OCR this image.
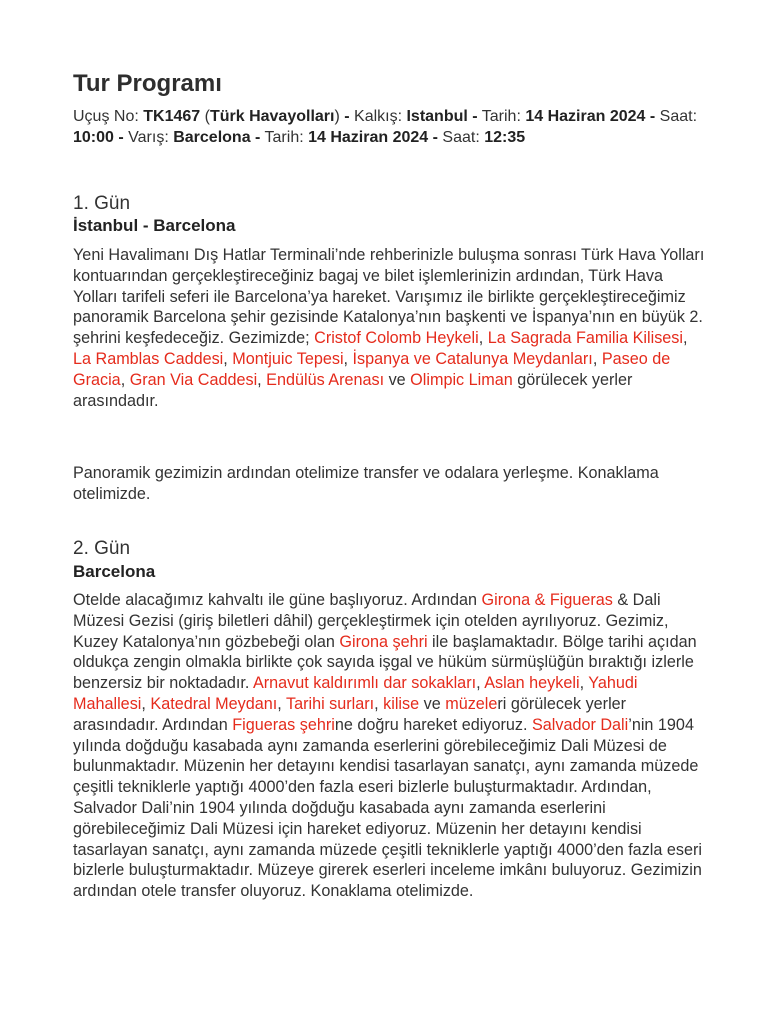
Tur Programı
Uçuş No: TK1467 (Türk Havayolları) - Kalkış: Istanbul - Tarih: 14 Haziran 2024 - Saat: 10:00 - Varış: Barcelona - Tarih: 14 Haziran 2024 - Saat: 12:35
1. Gün
İstanbul - Barcelona

Yeni Havalimanı Dış Hatlar Terminali’nde rehberinizle buluşma sonrası Türk Hava Yolları kontuarından gerçekleştireceğiniz bagaj ve bilet işlemlerinizin ardından, Türk Hava Yolları tarifeli seferi ile Barcelona’ya hareket. Varışımız ile birlikte gerçekleştireceğimiz panoramik Barcelona şehir gezisinde Katalonya’nın başkenti ve İspanya’nın en büyük 2. şehrini keşfedeceğiz. Gezimizde; Cristof Colomb Heykeli, La Sagrada Familia Kilisesi, La Ramblas Caddesi, Montjuic Tepesi, İspanya ve Catalunya Meydanları, Paseo de Gracia, Gran Via Caddesi, Endülüs Arenası ve Olimpic Liman görülecek yerler arasındadır.

Panoramik gezimizin ardından otelimize transfer ve odalara yerleşme. Konaklama otelimizde.

2. Gün
Barcelona

Otelde alacağımız kahvaltı ile güne başlıyoruz. Ardından Girona & Figueras & Dali Müzesi Gezisi (giriş biletleri dâhil) gerçekleştirmek için otelden ayrılıyoruz. Gezimiz, Kuzey Katalonya’nın gözbebeği olan Girona şehri ile başlamaktadır. Bölge tarihi açıdan oldukça zengin olmakla birlikte çok sayıda işgal ve hüküm sürmüşlüğün bıraktığı izlerle benzersiz bir noktadadır. Arnavut kaldırımlı dar sokakları, Aslan heykeli, Yahudi Mahallesi, Katedral Meydanı, Tarihi surları, kilise ve müzeleri görülecek yerler arasındadır. Ardından Figueras şehrine doğru hareket ediyoruz. Salvador Dali’nin 1904 yılında doğduğu kasabada aynı zamanda eserlerini görebileceğimiz Dali Müzesi de bulunmaktadır. Müzenin her detayını kendisi tasarlayan sanatçı, aynı zamanda müzede çeşitli tekniklerle yaptığı 4000’den fazla eseri bizlerle buluşturmaktadır. Ardından, Salvador Dali’nin 1904 yılında doğduğu kasabada aynı zamanda eserlerini görebileceğimiz Dali Müzesi için hareket ediyoruz. Müzenin her detayını kendisi tasarlayan sanatçı, aynı zamanda müzede çeşitli tekniklerle yaptığı 4000’den fazla eseri bizlerle buluşturmaktadır. Müzeye girerek eserleri inceleme imkânı buluyoruz. Gezimizin ardından otele transfer oluyoruz. Konaklama otelimizde.
